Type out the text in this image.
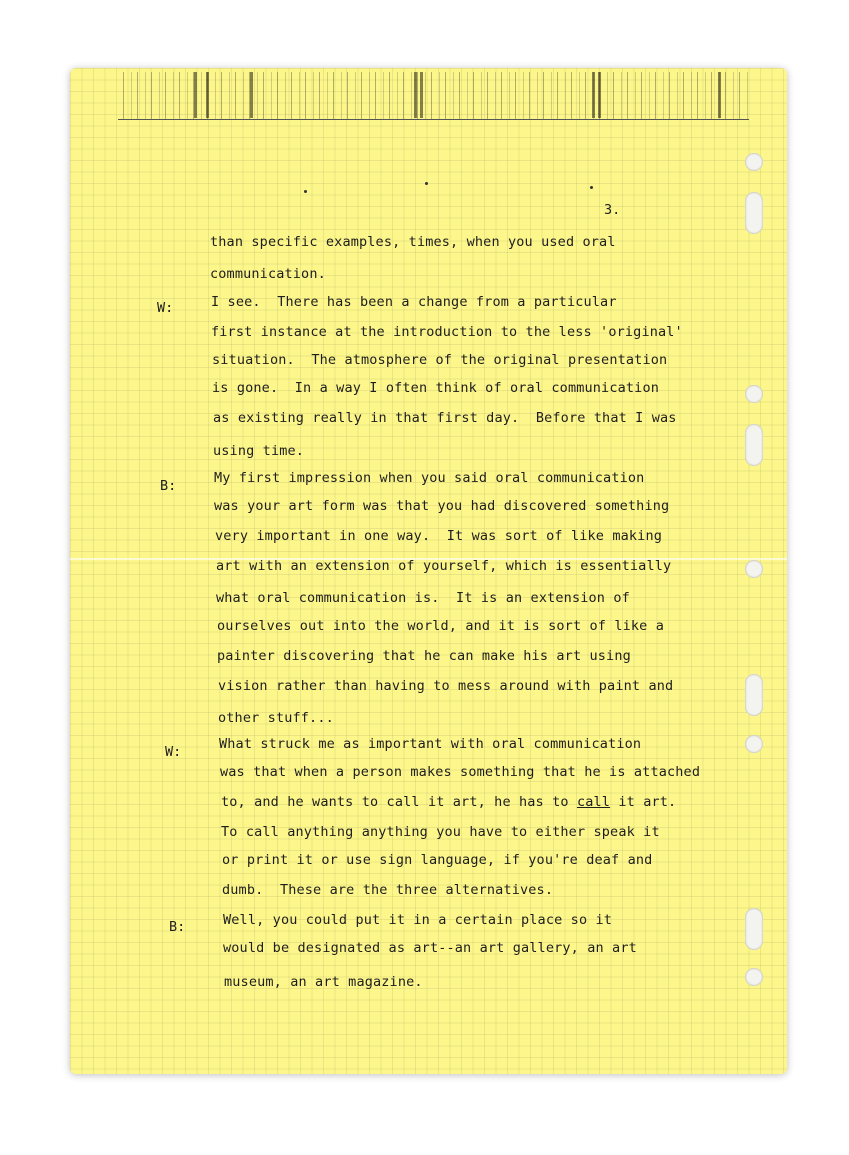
3.
W:
B:
W:
B:
than specific examples, times, when you used oral
communication.
I see.  There has been a change from a particular
first instance at the introduction to the less 'original'
situation.  The atmosphere of the original presentation
is gone.  In a way I often think of oral communication
as existing really in that first day.  Before that I was
using time.
My first impression when you said oral communication
was your art form was that you had discovered something
very important in one way.  It was sort of like making
art with an extension of yourself, which is essentially
what oral communication is.  It is an extension of
ourselves out into the world, and it is sort of like a
painter discovering that he can make his art using
vision rather than having to mess around with paint and
other stuff...
What struck me as important with oral communication
was that when a person makes something that he is attached
to, and he wants to call it art, he has to call it art.
To call anything anything you have to either speak it
or print it or use sign language, if you're deaf and
dumb.  These are the three alternatives.
Well, you could put it in a certain place so it
would be designated as art--an art gallery, an art
museum, an art magazine.
